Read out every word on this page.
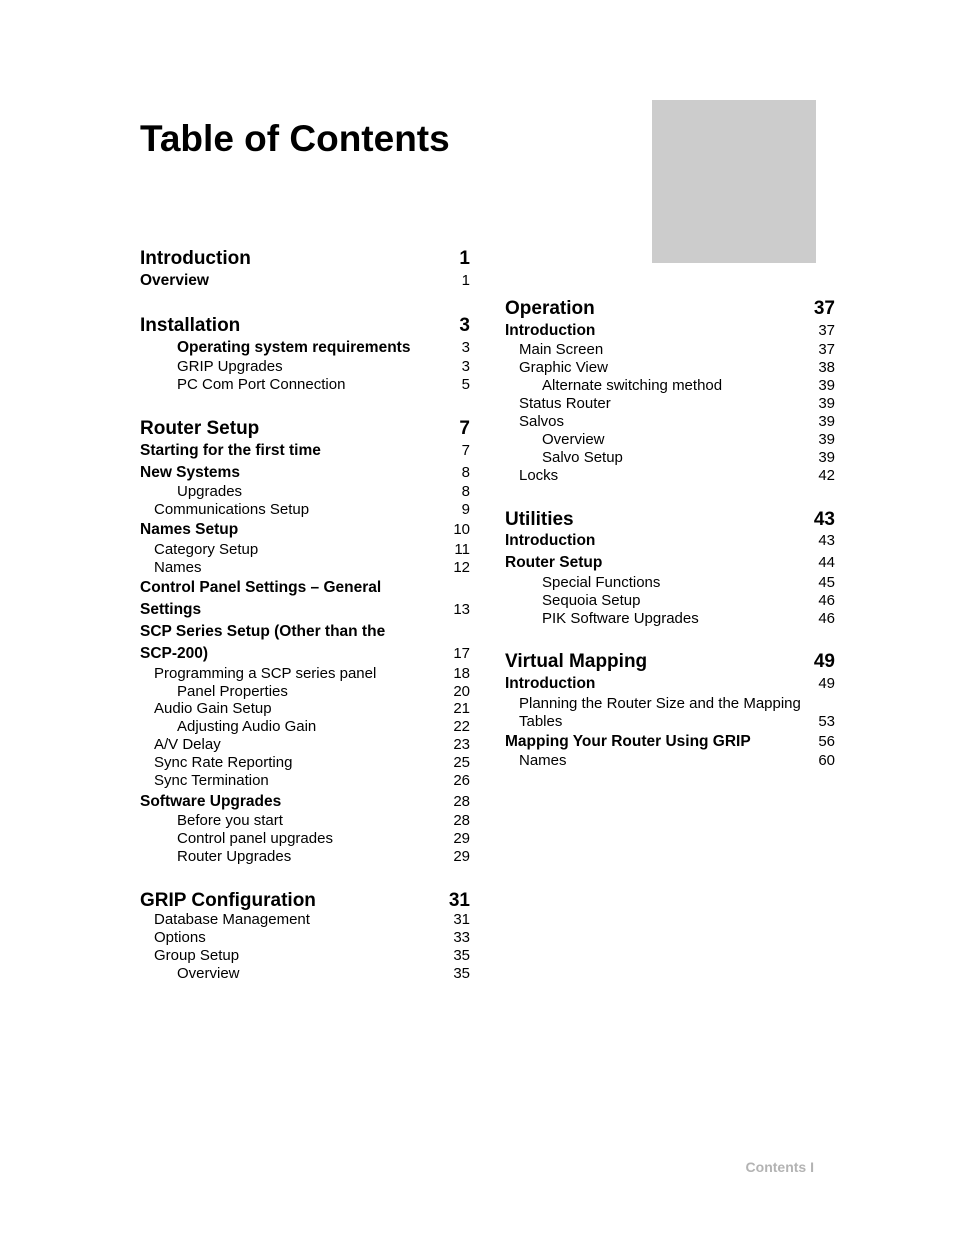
Table of Contents
Introduction	1
Overview	1
Installation	3
Operating system requirements	3
GRIP Upgrades	3
PC Com Port Connection	5
Router Setup	7
Starting for the first time	7
New Systems	8
Upgrades	8
Communications Setup	9
Names Setup	10
Category Setup	11
Names	12
Control Panel Settings – General
Settings	13
SCP Series Setup (Other than the
SCP-200)	17
Programming a SCP series panel	18
Panel Properties	20
Audio Gain Setup	21
Adjusting Audio Gain	22
A/V Delay	23
Sync Rate Reporting	25
Sync Termination	26
Software Upgrades	28
Before you start	28
Control panel upgrades	29
Router Upgrades	29
GRIP Configuration	31
Database Management	31
Options	33
Group Setup	35
Overview	35
Operation	37
Introduction	37
Main Screen	37
Graphic View	38
Alternate switching method	39
Status Router	39
Salvos	39
Overview	39
Salvo Setup	39
Locks	42
Utilities	43
Introduction	43
Router Setup	44
Special Functions	45
Sequoia Setup	46
PIK Software Upgrades	46
Virtual Mapping	49
Introduction	49
Planning the Router Size and the Mapping
Tables	53
Mapping Your Router Using GRIP	56
Names	60
Contents I
